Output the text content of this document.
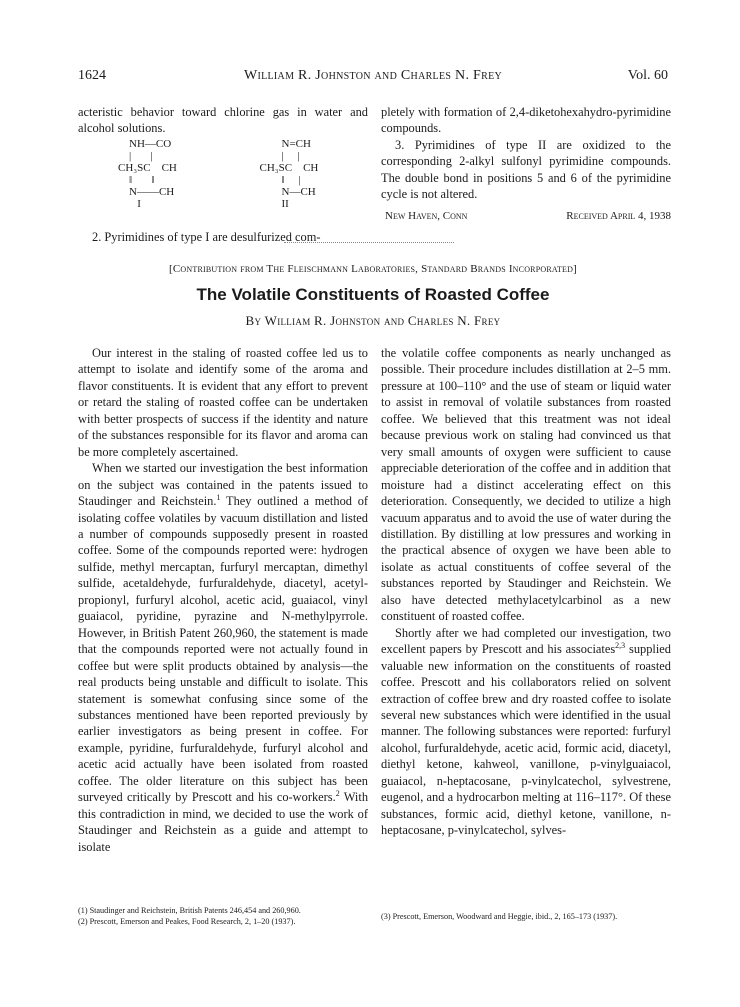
1624	William R. Johnston and Charles N. Frey	Vol. 60

acteristic behavior toward chlorine gas in water and alcohol solutions.

2. Pyrimidines of type I are desulfurized com-

NH—CO
|       |
CH₃SC    CH
‖       ‖
N——CH
I
N=CH
|     |
CH₃SC    CH
‖     |
N—CH
II

pletely with formation of 2,4-diketohexahydro-pyrimidine compounds.

3. Pyrimidines of type II are oxidized to the corresponding 2-alkyl sulfonyl pyrimidine compounds. The double bond in positions 5 and 6 of the pyrimidine cycle is not altered.

New Haven, Conn	Received April 4, 1938
[Contribution from The Fleischmann Laboratories, Standard Brands Incorporated]
The Volatile Constituents of Roasted Coffee
By William R. Johnston and Charles N. Frey

Our interest in the staling of roasted coffee led us to attempt to isolate and identify some of the aroma and flavor constituents. It is evident that any effort to prevent or retard the staling of roasted coffee can be undertaken with better prospects of success if the identity and nature of the substances responsible for its flavor and aroma can be more completely ascertained.

When we started our investigation the best information on the subject was contained in the patents issued to Staudinger and Reichstein.$^1$ They outlined a method of isolating coffee volatiles by vacuum distillation and listed a number of compounds supposedly present in roasted coffee. Some of the compounds reported were: hydrogen sulfide, methyl mercaptan, furfuryl mercaptan, dimethyl sulfide, acetaldehyde, furfuraldehyde, diacetyl, acetyl-propionyl, furfuryl alcohol, acetic acid, guaiacol, vinyl guaiacol, pyridine, pyrazine and N-methylpyrrole. However, in British Patent 260,960, the statement is made that the compounds reported were not actually found in coffee but were split products obtained by analysis—the real products being unstable and difficult to isolate. This statement is somewhat confusing since some of the substances mentioned have been reported previously by earlier investigators as being present in coffee. For example, pyridine, furfuraldehyde, furfuryl alcohol and acetic acid actually have been isolated from roasted coffee. The older literature on this subject has been surveyed critically by Prescott and his co-workers.$^2$ With this contradiction in mind, we decided to use the work of Staudinger and Reichstein as a guide and attempt to isolate

the volatile coffee components as nearly unchanged as possible. Their procedure includes distillation at 2–5 mm. pressure at 100–110° and the use of steam or liquid water to assist in removal of volatile substances from roasted coffee. We believed that this treatment was not ideal because previous work on staling had convinced us that very small amounts of oxygen were sufficient to cause appreciable deterioration of the coffee and in addition that moisture had a distinct accelerating effect on this deterioration. Consequently, we decided to utilize a high vacuum apparatus and to avoid the use of water during the distillation. By distilling at low pressures and working in the practical absence of oxygen we have been able to isolate as actual constituents of coffee several of the substances reported by Staudinger and Reichstein. We also have detected methylacetylcarbinol as a new constituent of roasted coffee.

Shortly after we had completed our investigation, two excellent papers by Prescott and his associates$^{2,3}$ supplied valuable new information on the constituents of roasted coffee. Prescott and his collaborators relied on solvent extraction of coffee brew and dry roasted coffee to isolate several new substances which were identified in the usual manner. The following substances were reported: furfuryl alcohol, furfuraldehyde, acetic acid, formic acid, diacetyl, diethyl ketone, kahweol, vanillone, p-vinylguaiacol, guaiacol, n-heptacosane, p-vinylcatechol, sylvestrene, eugenol, and a hydrocarbon melting at 116–117°. Of these substances, formic acid, diethyl ketone, vanillone, n-heptacosane, p-vinylcatechol, sylves-

(1) Staudinger and Reichstein, British Patents 246,454 and 260,960.
(2) Prescott, Emerson and Peakes, Food Research, 2, 1–20 (1937).	(3) Prescott, Emerson, Woodward and Heggie, ibid., 2, 165–173 (1937).
